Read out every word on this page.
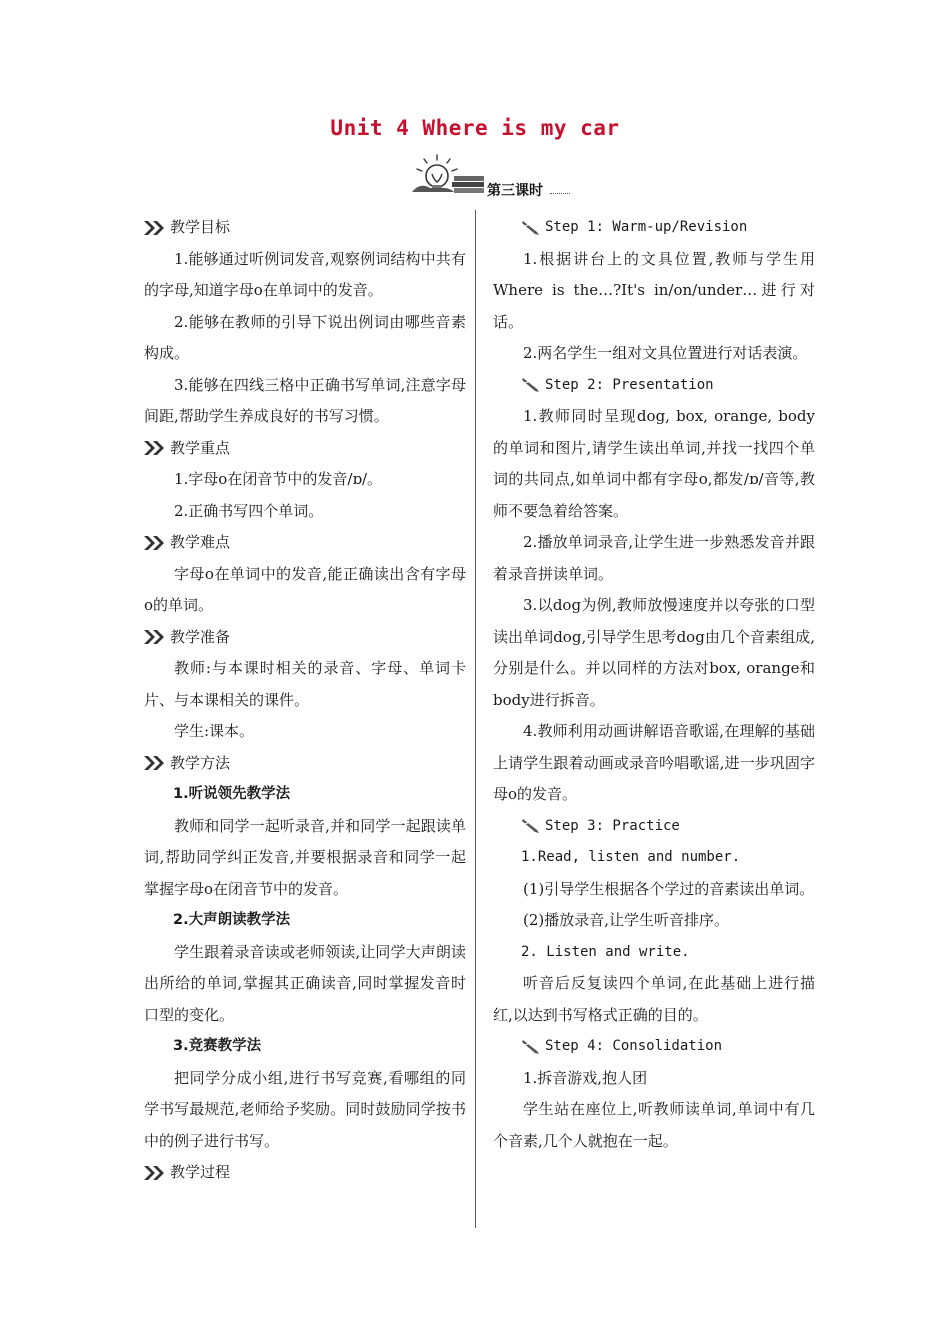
Unit 4 Where is my car
第三课时
教学目标

1.能够通过听例词发音,观察例词结构中共有的字母,知道字母o在单词中的发音。

2.能够在教师的引导下说出例词由哪些音素构成。

3.能够在四线三格中正确书写单词,注意字母间距,帮助学生养成良好的书写习惯。

教学重点

1.字母o在闭音节中的发音/ɒ/。

2.正确书写四个单词。

教学难点

字母o在单词中的发音,能正确读出含有字母o的单词。

教学准备

教师:与本课时相关的录音、字母、单词卡片、与本课相关的课件。

学生:课本。

教学方法

1.听说领先教学法

教师和同学一起听录音,并和同学一起跟读单词,帮助同学纠正发音,并要根据录音和同学一起掌握字母o在闭音节中的发音。

2.大声朗读教学法

学生跟着录音读或老师领读,让同学大声朗读出所给的单词,掌握其正确读音,同时掌握发音时口型的变化。

3.竞赛教学法

把同学分成小组,进行书写竞赛,看哪组的同学书写最规范,老师给予奖励。同时鼓励同学按书中的例子进行书写。

教学过程
Step 1: Warm-up/Revision

1.根据讲台上的文具位置,教师与学生用Where is the…?It's in/on/under…进行对话。

2.两名学生一组对文具位置进行对话表演。

Step 2: Presentation

1.教师同时呈现dog, box, orange, body的单词和图片,请学生读出单词,并找一找四个单词的共同点,如单词中都有字母o,都发/ɒ/音等,教师不要急着给答案。

2.播放单词录音,让学生进一步熟悉发音并跟着录音拼读单词。

3.以dog为例,教师放慢速度并以夸张的口型读出单词dog,引导学生思考dog由几个音素组成,分别是什么。并以同样的方法对box, orange和body进行拆音。

4.教师利用动画讲解语音歌谣,在理解的基础上请学生跟着动画或录音吟唱歌谣,进一步巩固字母o的发音。

Step 3: Practice

1.Read, listen and number.

(1)引导学生根据各个学过的音素读出单词。

(2)播放录音,让学生听音排序。

2. Listen and write.

听音后反复读四个单词,在此基础上进行描红,以达到书写格式正确的目的。

Step 4: Consolidation

1.拆音游戏,抱人团

学生站在座位上,听教师读单词,单词中有几个音素,几个人就抱在一起。
